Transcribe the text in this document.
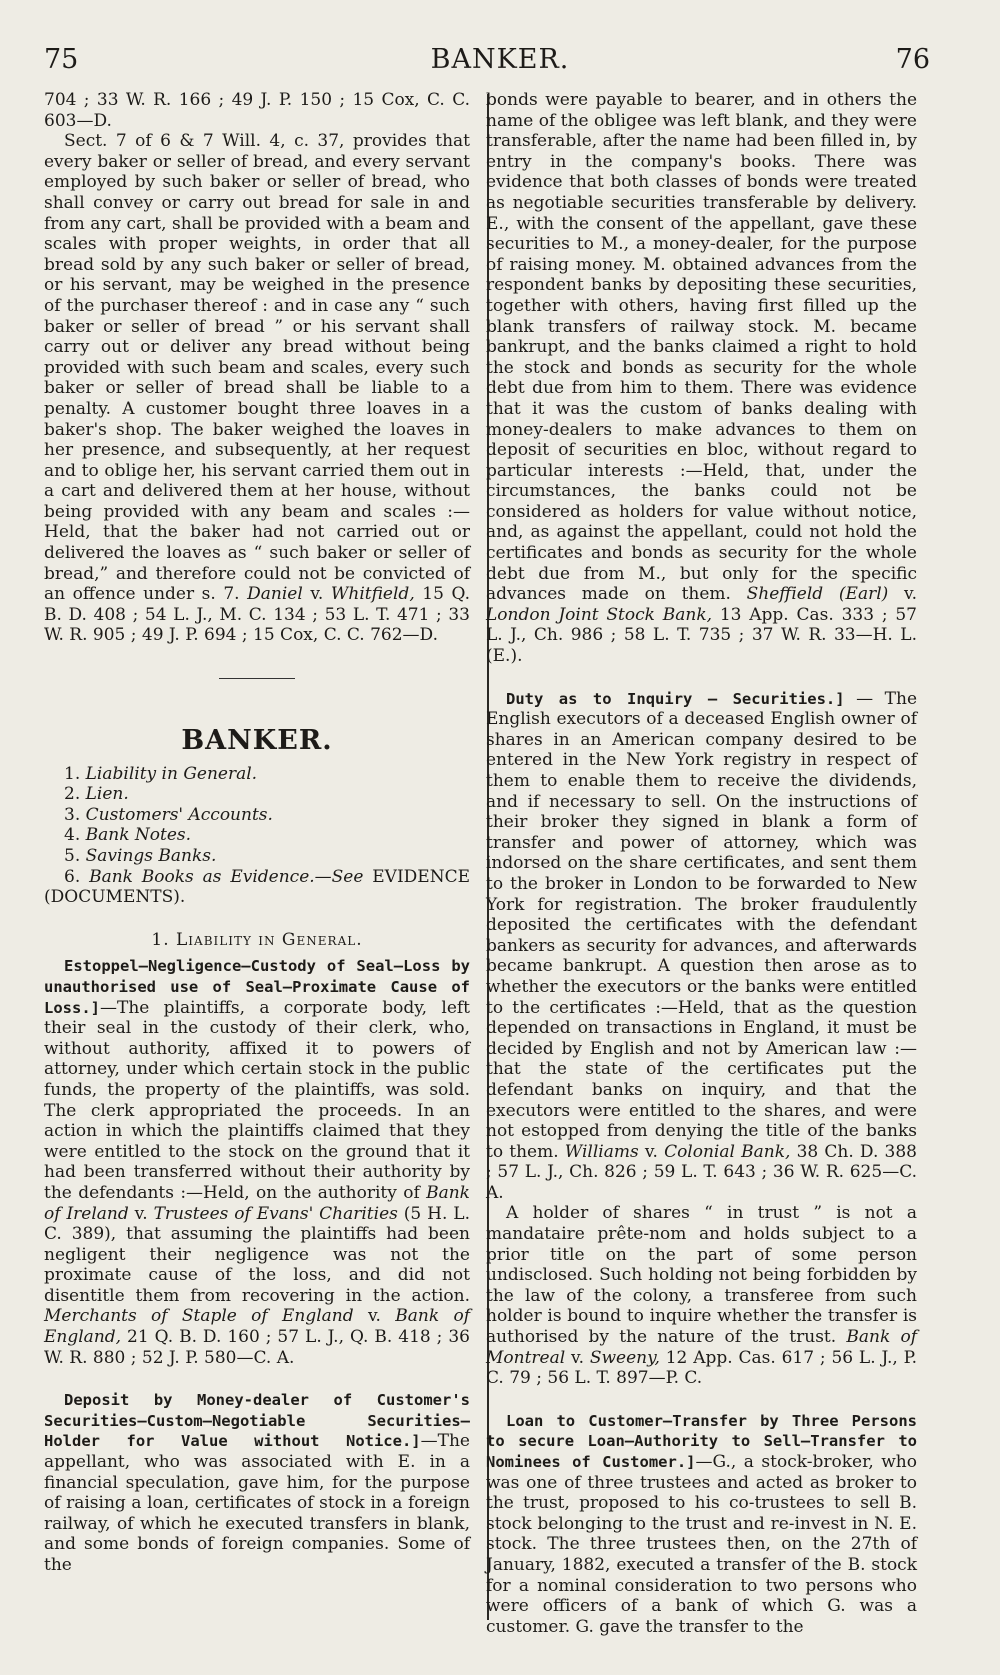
75	BANKER.	76

704 ; 33 W. R. 166 ; 49 J. P. 150 ; 15 Cox, C. C. 603—D.

Sect. 7 of 6 & 7 Will. 4, c. 37, provides that every baker or seller of bread, and every servant employed by such baker or seller of bread, who shall convey or carry out bread for sale in and from any cart, shall be provided with a beam and scales with proper weights, in order that all bread sold by any such baker or seller of bread, or his servant, may be weighed in the presence of the purchaser thereof : and in case any “ such baker or seller of bread ” or his servant shall carry out or deliver any bread without being provided with such beam and scales, every such baker or seller of bread shall be liable to a penalty. A customer bought three loaves in a baker's shop. The baker weighed the loaves in her presence, and subsequently, at her request and to oblige her, his servant carried them out in a cart and delivered them at her house, without being provided with any beam and scales :—Held, that the baker had not carried out or delivered the loaves as “ such baker or seller of bread,” and therefore could not be convicted of an offence under s. 7. Daniel v. Whitfield, 15 Q. B. D. 408 ; 54 L. J., M. C. 134 ; 53 L. T. 471 ; 33 W. R. 905 ; 49 J. P. 694 ; 15 Cox, C. C. 762—D.

BANKER.
1. Liability in General.
2. Lien.
3. Customers' Accounts.
4. Bank Notes.
5. Savings Banks.

6. Bank Books as Evidence.—See EVIDENCE (DOCUMENTS).

1. Liability in General.

Estoppel—Negligence—Custody of Seal—Loss by unauthorised use of Seal—Proximate Cause of Loss.]—The plaintiffs, a corporate body, left their seal in the custody of their clerk, who, without authority, affixed it to powers of attorney, under which certain stock in the public funds, the property of the plaintiffs, was sold. The clerk appropriated the proceeds. In an action in which the plaintiffs claimed that they were entitled to the stock on the ground that it had been transferred without their authority by the defendants :—Held, on the authority of Bank of Ireland v. Trustees of Evans' Charities (5 H. L. C. 389), that assuming the plaintiffs had been negligent their negligence was not the proximate cause of the loss, and did not disentitle them from recovering in the action. Merchants of Staple of England v. Bank of England, 21 Q. B. D. 160 ; 57 L. J., Q. B. 418 ; 36 W. R. 880 ; 52 J. P. 580—C. A.

Deposit by Money-dealer of Customer's Securities—Custom—Negotiable Securities—Holder for Value without Notice.]—The appellant, who was associated with E. in a financial speculation, gave him, for the purpose of raising a loan, certificates of stock in a foreign railway, of which he executed transfers in blank, and some bonds of foreign companies. Some of the

bonds were payable to bearer, and in others the name of the obligee was left blank, and they were transferable, after the name had been filled in, by entry in the company's books. There was evidence that both classes of bonds were treated as negotiable securities transferable by delivery. E., with the consent of the appellant, gave these securities to M., a money-dealer, for the purpose of raising money. M. obtained advances from the respondent banks by depositing these securities, together with others, having first filled up the blank transfers of railway stock. M. became bankrupt, and the banks claimed a right to hold the stock and bonds as security for the whole debt due from him to them. There was evidence that it was the custom of banks dealing with money-dealers to make advances to them on deposit of securities en bloc, without regard to particular interests :—Held, that, under the circumstances, the banks could not be considered as holders for value without notice, and, as against the appellant, could not hold the certificates and bonds as security for the whole debt due from M., but only for the specific advances made on them. Sheffield (Earl) v. London Joint Stock Bank, 13 App. Cas. 333 ; 57 L. J., Ch. 986 ; 58 L. T. 735 ; 37 W. R. 33—H. L. (E.).

Duty as to Inquiry — Securities.] — The English executors of a deceased English owner of shares in an American company desired to be entered in the New York registry in respect of them to enable them to receive the dividends, and if necessary to sell. On the instructions of their broker they signed in blank a form of transfer and power of attorney, which was indorsed on the share certificates, and sent them to the broker in London to be forwarded to New York for registration. The broker fraudulently deposited the certificates with the defendant bankers as security for advances, and afterwards became bankrupt. A question then arose as to whether the executors or the banks were entitled to the certificates :—Held, that as the question depended on transactions in England, it must be decided by English and not by American law :—that the state of the certificates put the defendant banks on inquiry, and that the executors were entitled to the shares, and were not estopped from denying the title of the banks to them. Williams v. Colonial Bank, 38 Ch. D. 388 ; 57 L. J., Ch. 826 ; 59 L. T. 643 ; 36 W. R. 625—C. A.

A holder of shares “ in trust ” is not a mandataire prête-nom and holds subject to a prior title on the part of some person undisclosed. Such holding not being forbidden by the law of the colony, a transferee from such holder is bound to inquire whether the transfer is authorised by the nature of the trust. Bank of Montreal v. Sweeny, 12 App. Cas. 617 ; 56 L. J., P. C. 79 ; 56 L. T. 897—P. C.

Loan to Customer—Transfer by Three Persons to secure Loan—Authority to Sell—Transfer to Nominees of Customer.]—G., a stock-broker, who was one of three trustees and acted as broker to the trust, proposed to his co-trustees to sell B. stock belonging to the trust and re-invest in N. E. stock. The three trustees then, on the 27th of January, 1882, executed a transfer of the B. stock for a nominal consideration to two persons who were officers of a bank of which G. was a customer. G. gave the transfer to the
